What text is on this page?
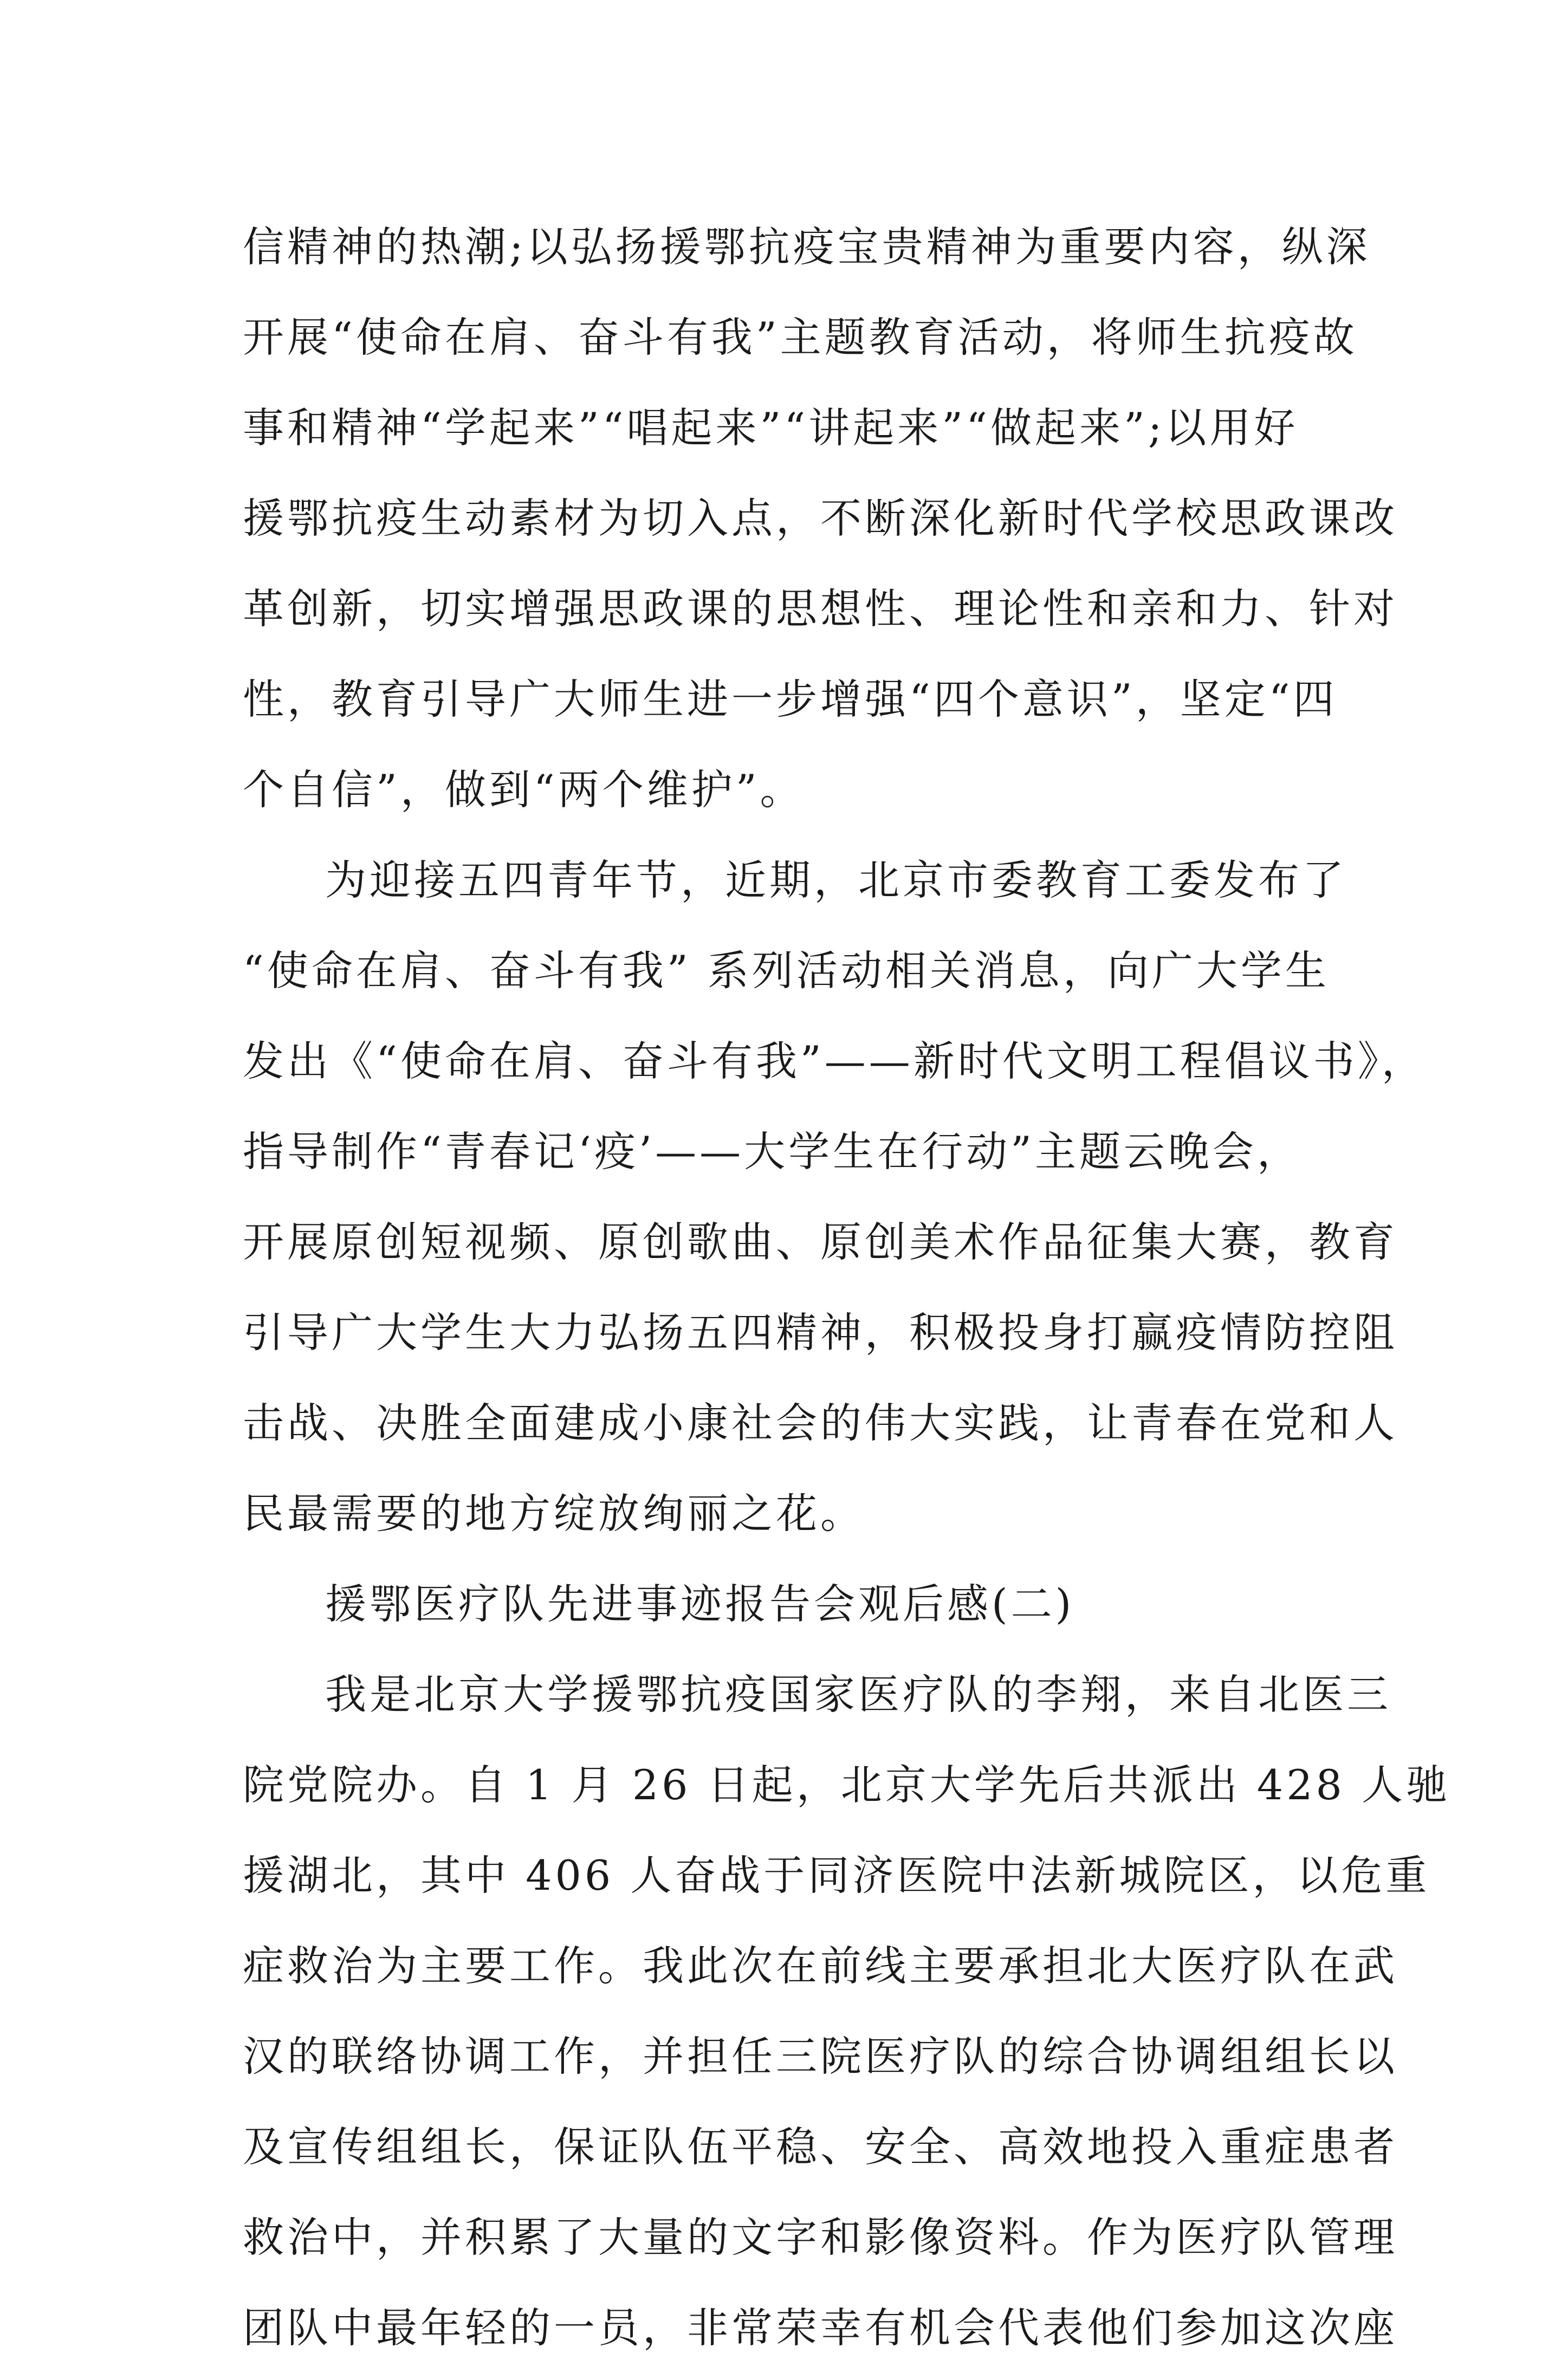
信精神的热潮;以弘扬援鄂抗疫宝贵精神为重要内容，纵深
开展“使命在肩、奋斗有我”主题教育活动，将师生抗疫故
事和精神“学起来”“唱起来”“讲起来”“做起来”;以用好
援鄂抗疫生动素材为切入点，不断深化新时代学校思政课改
革创新，切实增强思政课的思想性、理论性和亲和力、针对
性，教育引导广大师生进一步增强“四个意识”，坚定“四
个自信”，做到“两个维护”。
为迎接五四青年节，近期，北京市委教育工委发布了
“使命在肩、奋斗有我” 系列活动相关消息，向广大学生
发出《“使命在肩、奋斗有我”——新时代文明工程倡议书》，
指导制作“青春记‘疫’——大学生在行动”主题云晚会，
开展原创短视频、原创歌曲、原创美术作品征集大赛，教育
引导广大学生大力弘扬五四精神，积极投身打赢疫情防控阻
击战、决胜全面建成小康社会的伟大实践，让青春在党和人
民最需要的地方绽放绚丽之花。
援鄂医疗队先进事迹报告会观后感(二)
我是北京大学援鄂抗疫国家医疗队的李翔，来自北医三
院党院办。自 1 月 26 日起，北京大学先后共派出 428 人驰
援湖北，其中 406 人奋战于同济医院中法新城院区，以危重
症救治为主要工作。我此次在前线主要承担北大医疗队在武
汉的联络协调工作，并担任三院医疗队的综合协调组组长以
及宣传组组长，保证队伍平稳、安全、高效地投入重症患者
救治中，并积累了大量的文字和影像资料。作为医疗队管理
团队中最年轻的一员，非常荣幸有机会代表他们参加这次座
